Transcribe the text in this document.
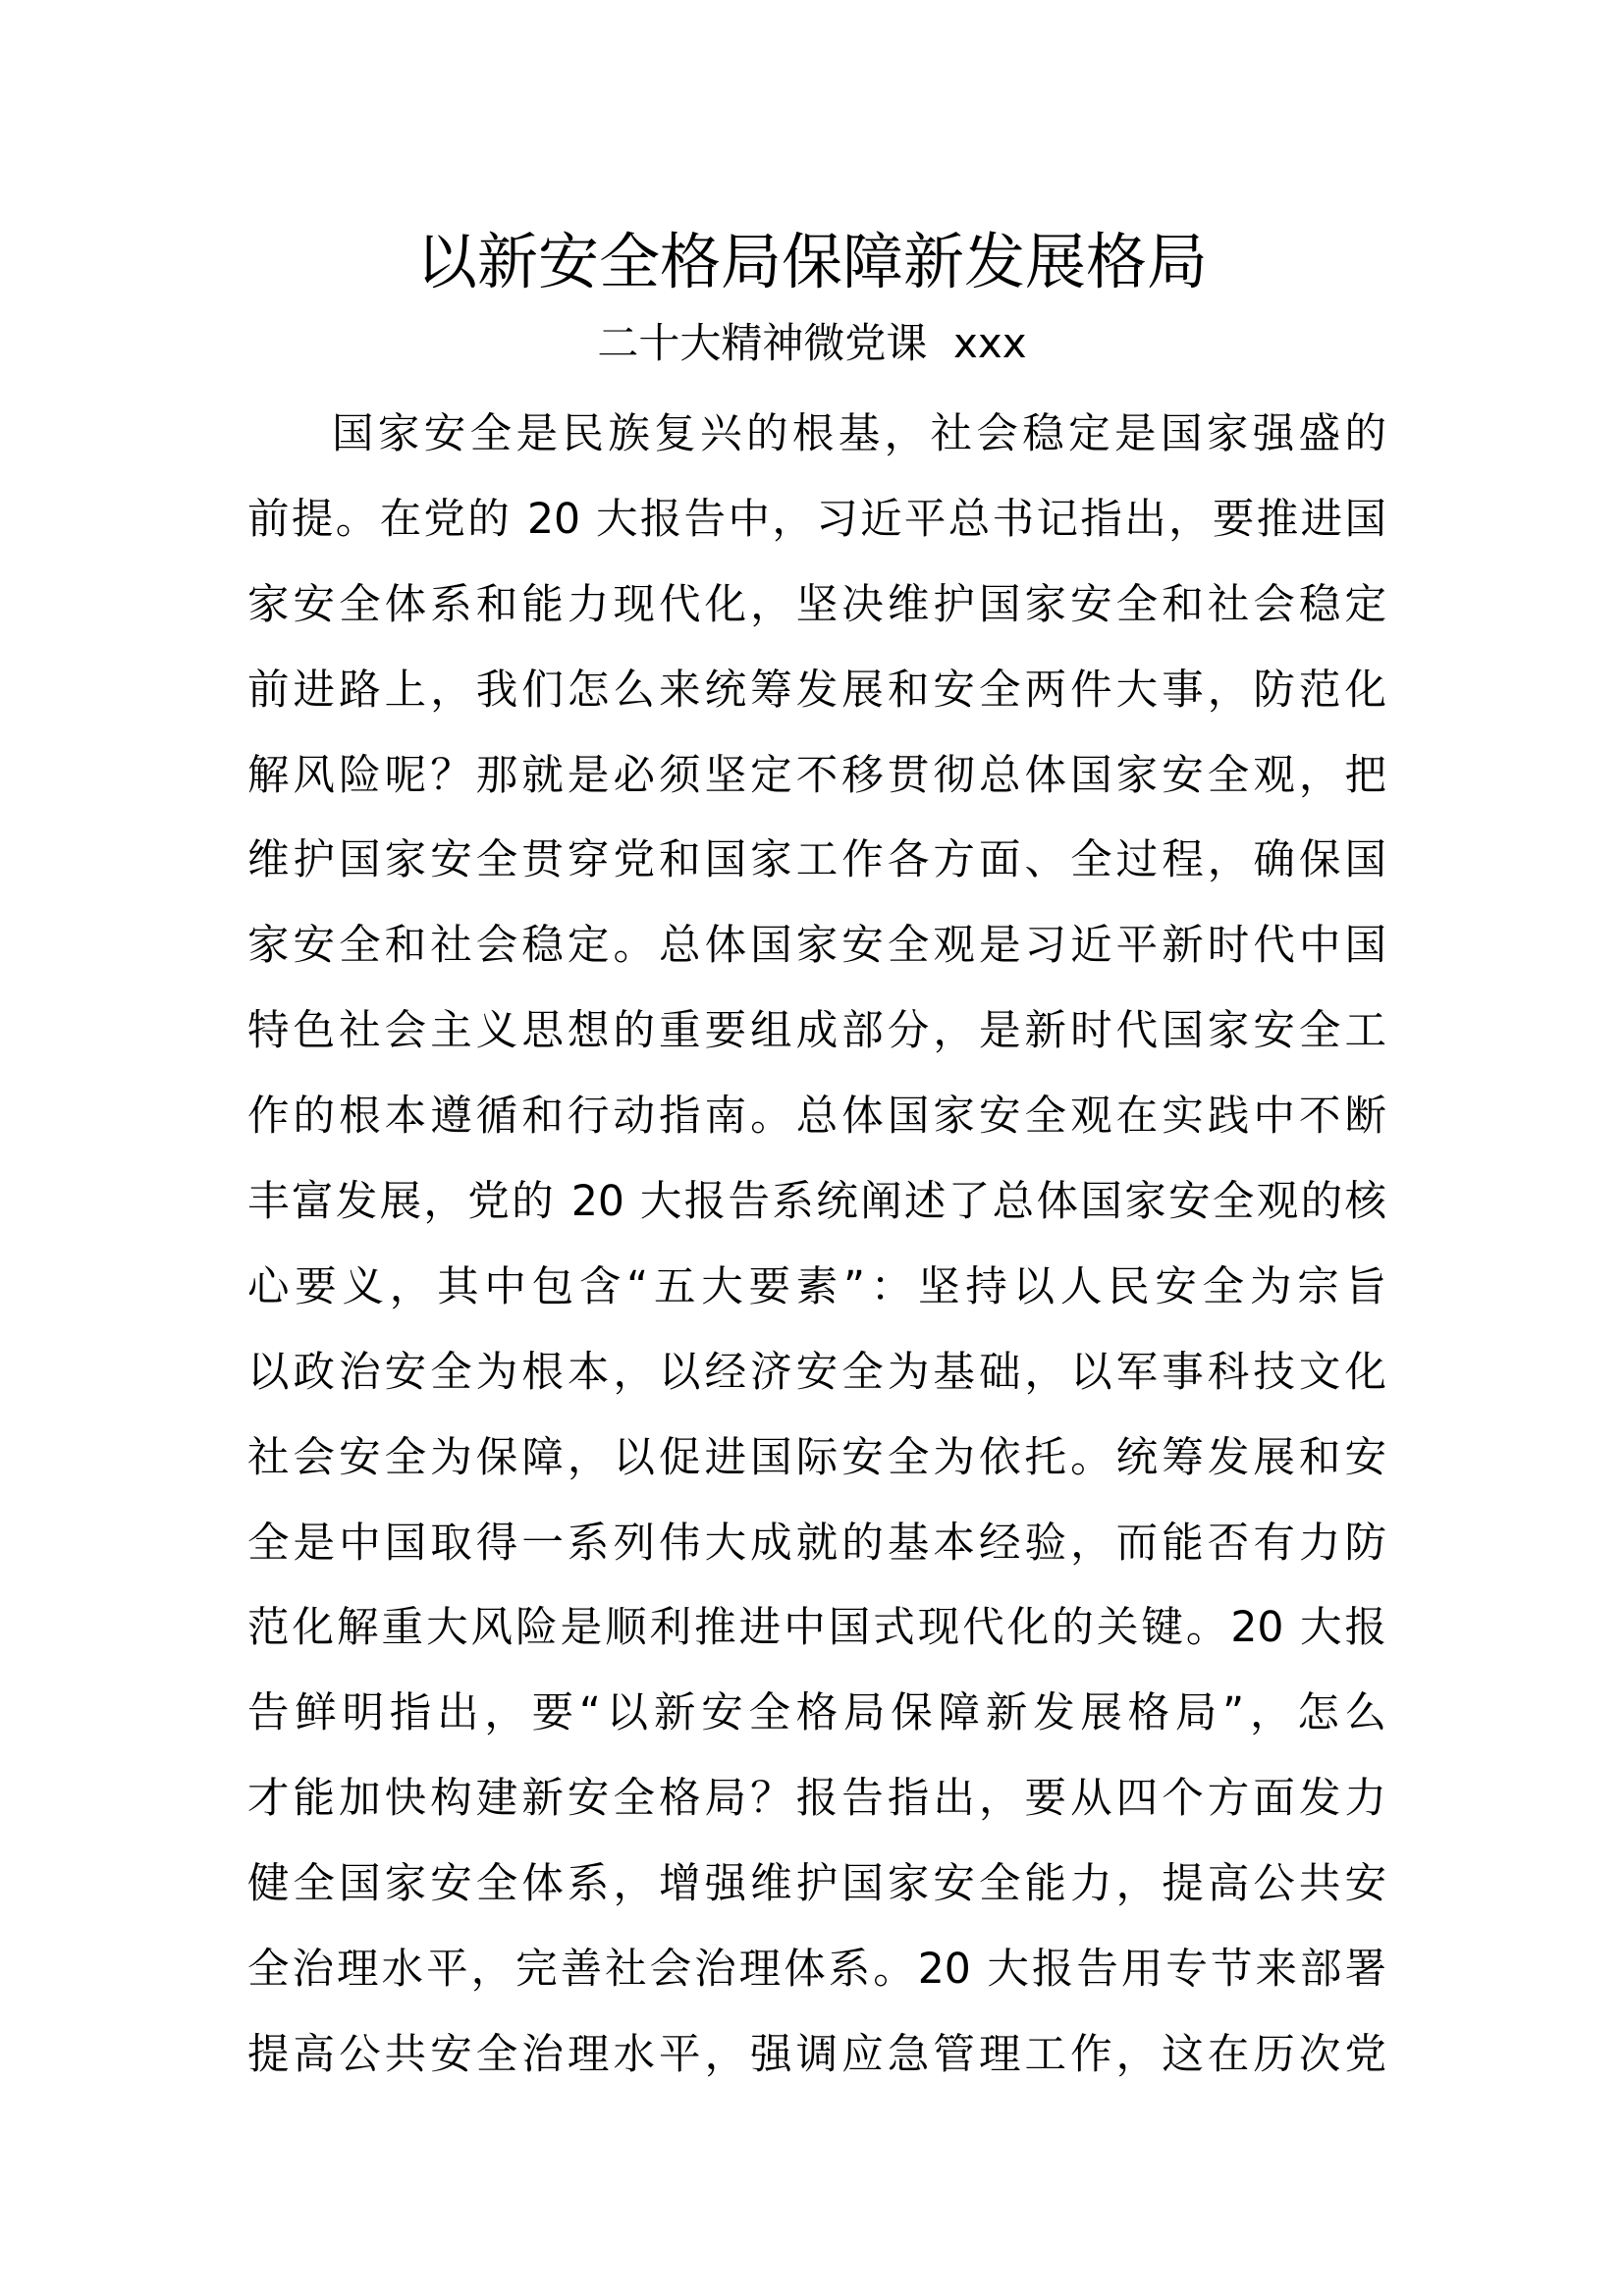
以新安全格局保障新发展格局
二十大精神微党课  xxx
国家安全是民族复兴的根基，社会稳定是国家强盛的
前提。在党的 20 大报告中，习近平总书记指出，要推进国
家安全体系和能力现代化，坚决维护国家安全和社会稳定
前进路上，我们怎么来统筹发展和安全两件大事，防范化
解风险呢？那就是必须坚定不移贯彻总体国家安全观，把
维护国家安全贯穿党和国家工作各方面、全过程，确保国
家安全和社会稳定。总体国家安全观是习近平新时代中国
特色社会主义思想的重要组成部分，是新时代国家安全工
作的根本遵循和行动指南。总体国家安全观在实践中不断
丰富发展，党的 20 大报告系统阐述了总体国家安全观的核
心要义，其中包含“五大要素”：坚持以人民安全为宗旨
以政治安全为根本，以经济安全为基础，以军事科技文化
社会安全为保障，以促进国际安全为依托。统筹发展和安
全是中国取得一系列伟大成就的基本经验，而能否有力防
范化解重大风险是顺利推进中国式现代化的关键。20 大报
告鲜明指出，要“以新安全格局保障新发展格局”，怎么
才能加快构建新安全格局？报告指出，要从四个方面发力
健全国家安全体系，增强维护国家安全能力，提高公共安
全治理水平，完善社会治理体系。20 大报告用专节来部署
提高公共安全治理水平，强调应急管理工作，这在历次党
